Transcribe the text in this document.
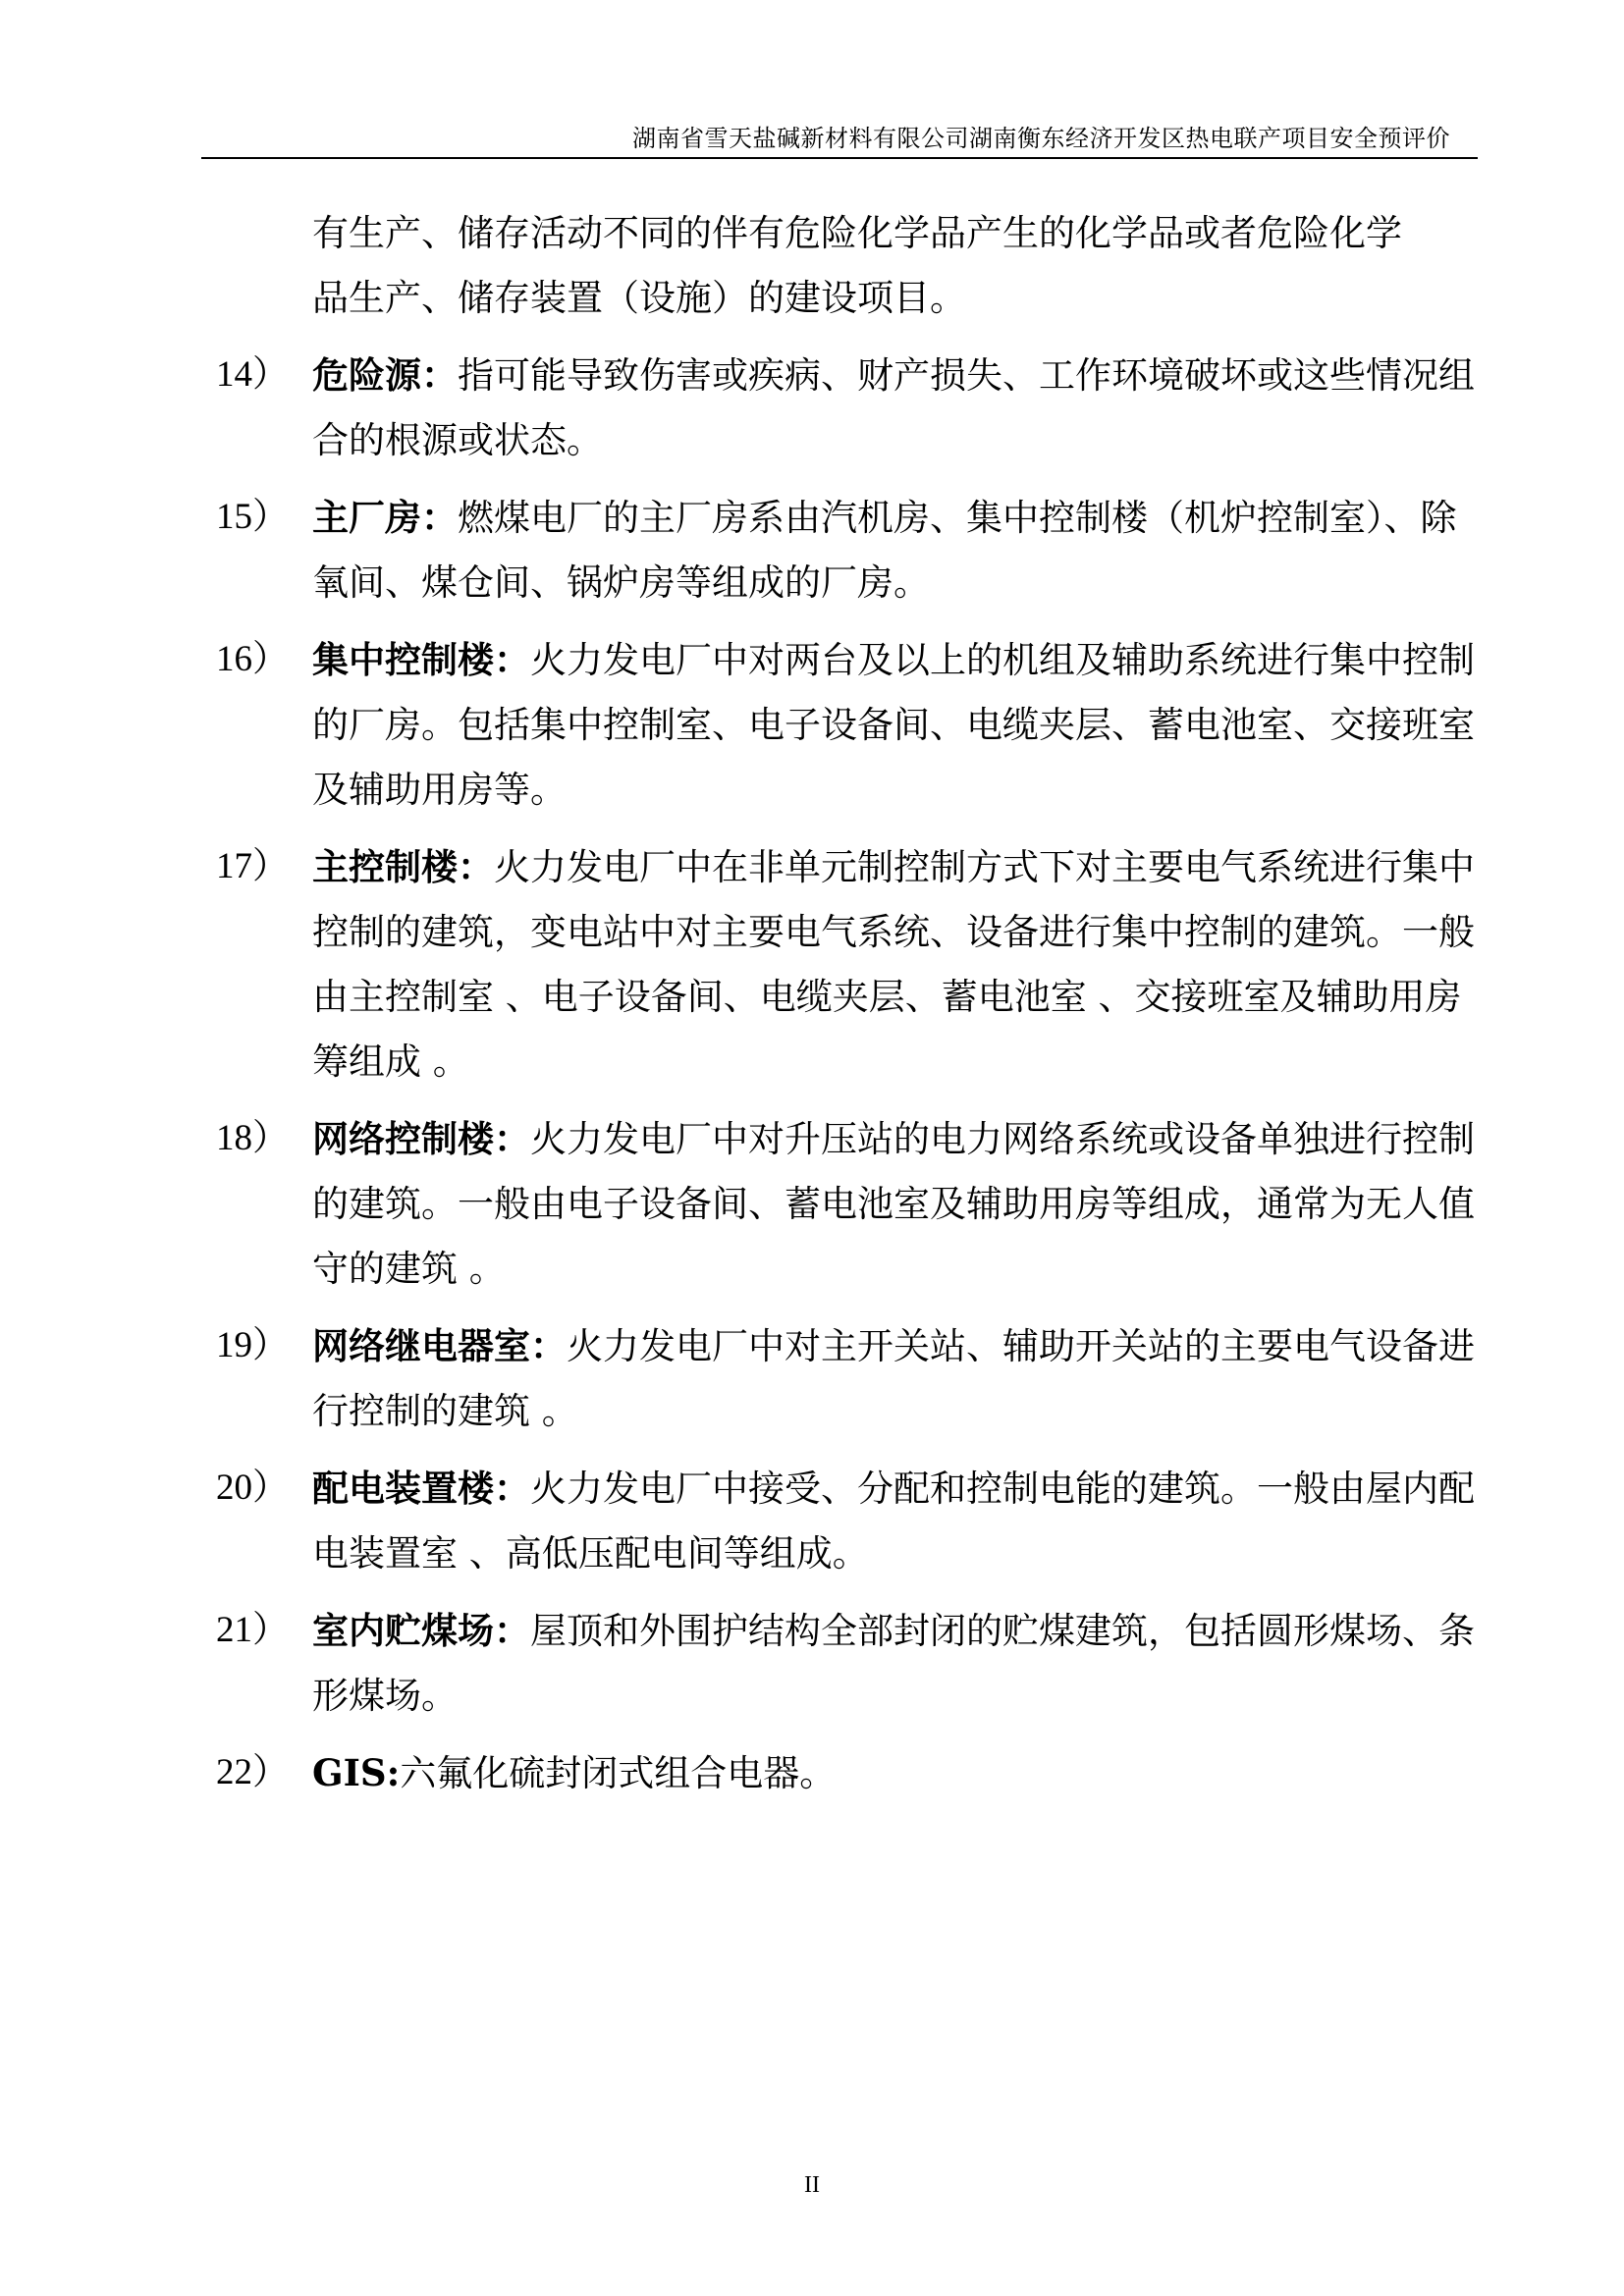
湖南省雪天盐碱新材料有限公司湖南衡东经济开发区热电联产项目安全预评价

有生产、储存活动不同的伴有危险化学品产生的化学品或者危险化学

品生产、储存装置（设施）的建设项目。

14） 危险源：指可能导致伤害或疾病、财产损失、工作环境破坏或这些情况组合的根源或状态。
15） 主厂房：燃煤电厂的主厂房系由汽机房、集中控制楼（机炉控制室）、除氧间、煤仓间、锅炉房等组成的厂房。
16） 集中控制楼：火力发电厂中对两台及以上的机组及辅助系统进行集中控制的厂房。包括集中控制室、电子设备间、电缆夹层、蓄电池室、交接班室及辅助用房等。
17） 主控制楼：火力发电厂中在非单元制控制方式下对主要电气系统进行集中控制的建筑，变电站中对主要电气系统、设备进行集中控制的建筑。一般由主控制室 、电子设备间、电缆夹层、蓄电池室 、交接班室及辅助用房筹组成 。
18） 网络控制楼：火力发电厂中对升压站的电力网络系统或设备单独进行控制的建筑。一般由电子设备间、蓄电池室及辅助用房等组成，通常为无人值守的建筑 。
19） 网络继电器室：火力发电厂中对主开关站、辅助开关站的主要电气设备进行控制的建筑 。
20） 配电装置楼：火力发电厂中接受、分配和控制电能的建筑。一般由屋内配电装置室 、高低压配电间等组成。
21） 室内贮煤场：屋顶和外围护结构全部封闭的贮煤建筑，包括圆形煤场、条形煤场。
22） GIS:六氟化硫封闭式组合电器。
II
